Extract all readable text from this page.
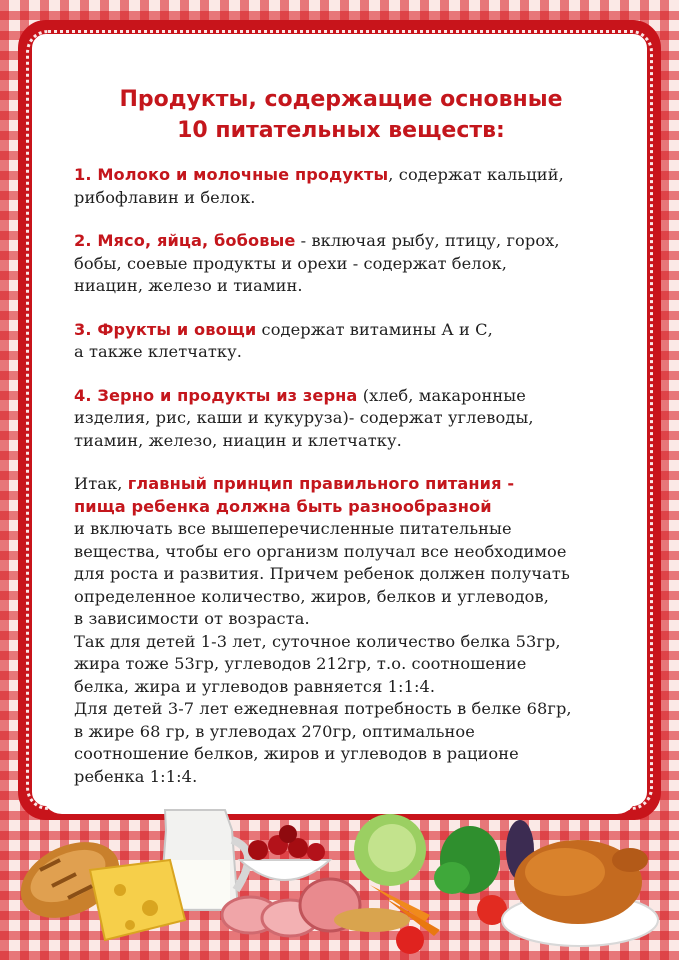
Продукты, содержащие основные
10 питательных веществ:
1. Молоко и молочные продукты, содержат кальций,
рибофлавин и белок.
2. Мясо, яйца, бобовые - включая рыбу, птицу, горох,
бобы, соевые продукты и орехи - содержат белок,
ниацин, железо и тиамин.
3. Фрукты и овощи содержат витамины А и С,
а также клетчатку.
4. Зерно и продукты из зерна (хлеб, макаронные
изделия, рис, каши и кукуруза)- содержат углеводы,
тиамин, железо, ниацин и клетчатку.
Итак, главный принцип правильного питания -
пища ребенка должна быть разнообразной
и включать все вышеперечисленные питательные
вещества, чтобы его организм получал все необходимое
для роста и развития. Причем ребенок должен получать
определенное количество, жиров, белков и углеводов,
в зависимости от возраста.
Так для детей 1-3 лет, суточное количество белка 53гр,
жира тоже 53гр, углеводов 212гр, т.о. соотношение
белка, жира и углеводов равняется 1:1:4.
Для детей 3-7 лет ежедневная потребность в белке 68гр,
в жире 68 гр, в углеводах 270гр, оптимальное
соотношение белков, жиров и углеводов в рационе
ребенка 1:1:4.
